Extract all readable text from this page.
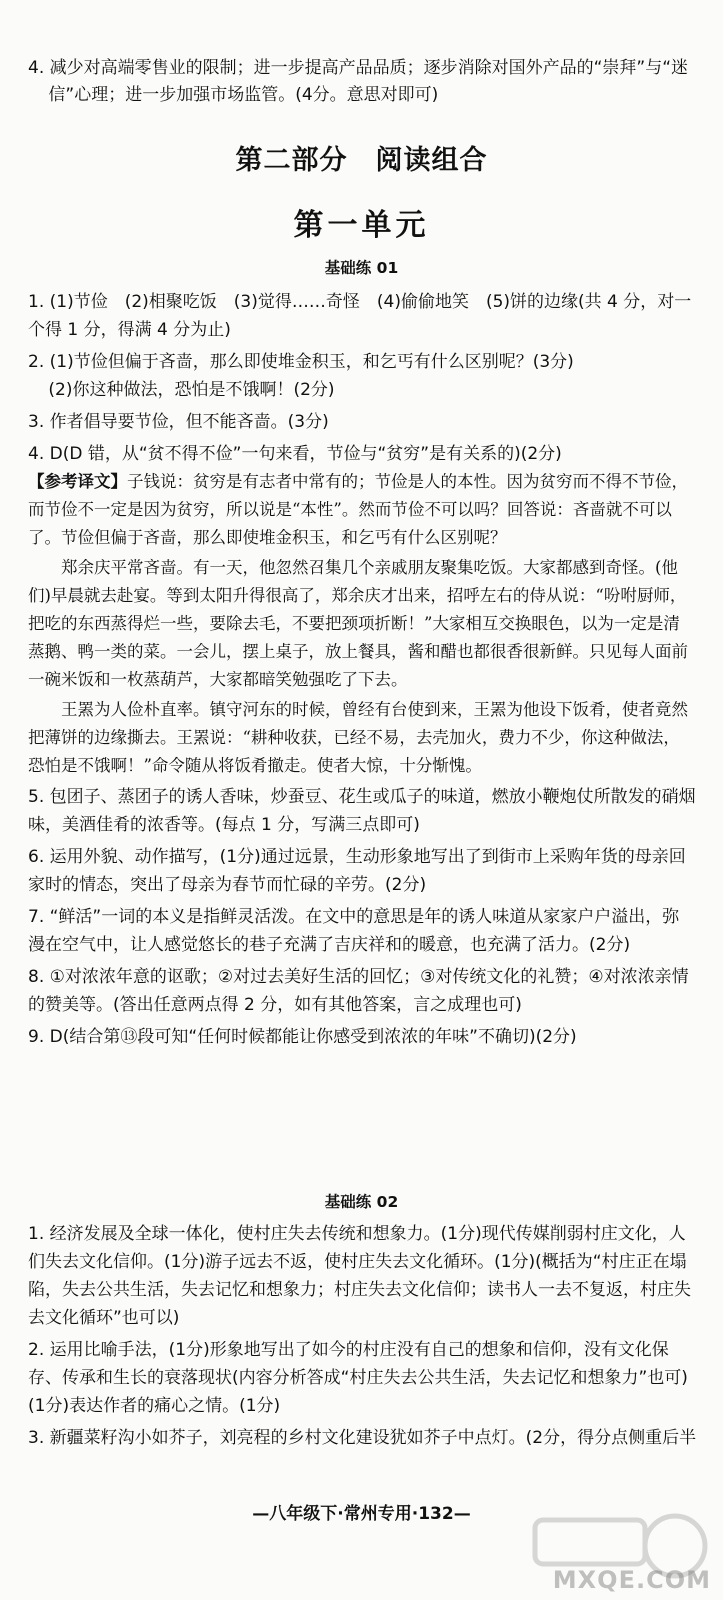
4. 减少对高端零售业的限制；进一步提高产品品质；逐步消除对国外产品的“崇拜”与“迷

信”心理；进一步加强市场监管。(4分。意思对即可)

第二部分　阅读组合
第一单元
基础练 01

1. (1)节俭　(2)相聚吃饭　(3)觉得……奇怪　(4)偷偷地笑　(5)饼的边缘(共 4 分，对一个得 1 分，得满 4 分为止)

2. (1)节俭但偏于吝啬，那么即使堆金积玉，和乞丐有什么区别呢？(3分)

(2)你这种做法，恐怕是不饿啊！(2分)

3. 作者倡导要节俭，但不能吝啬。(3分)

4. D(D 错，从“贫不得不俭”一句来看，节俭与“贫穷”是有关系的)(2分)

【参考译文】子钱说：贫穷是有志者中常有的；节俭是人的本性。因为贫穷而不得不节俭，而节俭不一定是因为贫穷，所以说是“本性”。然而节俭不可以吗？回答说：吝啬就不可以了。节俭但偏于吝啬，那么即使堆金积玉，和乞丐有什么区别呢？

郑余庆平常吝啬。有一天，他忽然召集几个亲戚朋友聚集吃饭。大家都感到奇怪。(他们)早晨就去赴宴。等到太阳升得很高了，郑余庆才出来，招呼左右的侍从说：“吩咐厨师，把吃的东西蒸得烂一些，要除去毛，不要把颈项折断！”大家相互交换眼色，以为一定是清蒸鹅、鸭一类的菜。一会儿，摆上桌子，放上餐具，酱和醋也都很香很新鲜。只见每人面前一碗米饭和一枚蒸葫芦，大家都暗笑勉强吃了下去。

王罴为人俭朴直率。镇守河东的时候，曾经有台使到来，王罴为他设下饭肴，使者竟然把薄饼的边缘撕去。王罴说：“耕种收获，已经不易，去壳加火，费力不少，你这种做法，恐怕是不饿啊！”命令随从将饭肴撤走。使者大惊，十分惭愧。

5. 包团子、蒸团子的诱人香味，炒蚕豆、花生或瓜子的味道，燃放小鞭炮仗所散发的硝烟味，美酒佳肴的浓香等。(每点 1 分，写满三点即可)

6. 运用外貌、动作描写，(1分)通过远景，生动形象地写出了到街市上采购年货的母亲回家时的情态，突出了母亲为春节而忙碌的辛劳。(2分)

7. “鲜活”一词的本义是指鲜灵活泼。在文中的意思是年的诱人味道从家家户户溢出，弥漫在空气中，让人感觉悠长的巷子充满了吉庆祥和的暖意，也充满了活力。(2分)

8. ①对浓浓年意的讴歌；②对过去美好生活的回忆；③对传统文化的礼赞；④对浓浓亲情的赞美等。(答出任意两点得 2 分，如有其他答案，言之成理也可)

9. D(结合第⑬段可知“任何时候都能让你感受到浓浓的年味”不确切)(2分)

基础练 02

1. 经济发展及全球一体化，使村庄失去传统和想象力。(1分)现代传媒削弱村庄文化，人们失去文化信仰。(1分)游子远去不返，使村庄失去文化循环。(1分)(概括为“村庄正在塌陷，失去公共生活，失去记忆和想象力；村庄失去文化信仰；读书人一去不复返，村庄失去文化循环”也可以)

2. 运用比喻手法，(1分)形象地写出了如今的村庄没有自己的想象和信仰，没有文化保存、传承和生长的衰落现状(内容分析答成“村庄失去公共生活，失去记忆和想象力”也可)(1分)表达作者的痛心之情。(1分)

3. 新疆菜籽沟小如芥子，刘亮程的乡村文化建设犹如芥子中点灯。(2分，得分点侧重后半

—八年级下·常州专用·132—
MXQE.COM
